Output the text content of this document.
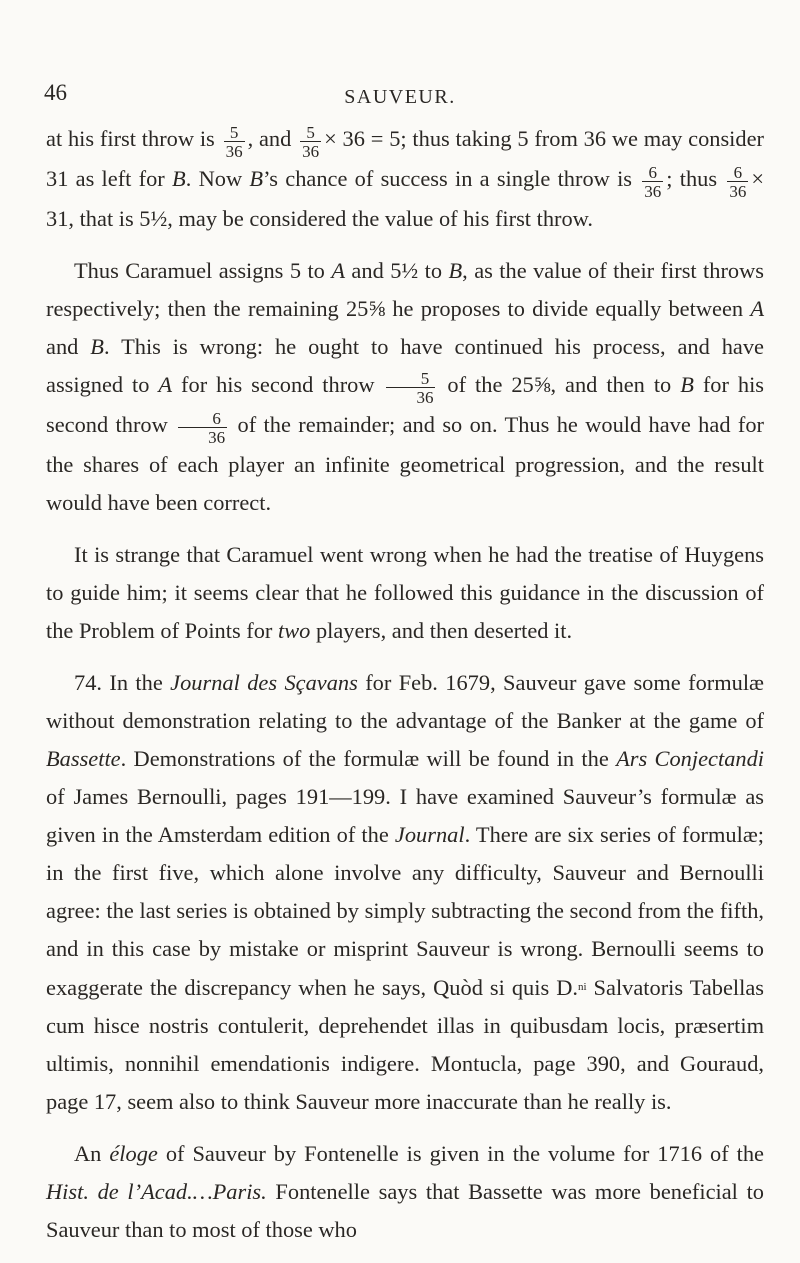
46	SAUVEUR.

at his first throw is $\frac{5}{36}$ , and $\frac{5}{36} \times 36 = 5$; thus taking 5 from 36 we may consider 31 as left for B. Now B’s chance of success in a single throw is $\frac{6}{36}$ ; thus $\frac{6}{36} \times 31$, that is 5½, may be considered the value of his first throw.

Thus Caramuel assigns 5 to A and 5½ to B, as the value of their first throws respectively; then the remaining 25⅝ he proposes to divide equally between A and B. This is wrong: he ought to have continued his process, and have assigned to A for his second throw $\frac{5}{36}$ of the 25⅝, and then to B for his second throw $\frac{6}{36}$ of the remainder; and so on. Thus he would have had for the shares of each player an infinite geometrical progression, and the result would have been correct.

It is strange that Caramuel went wrong when he had the treatise of Huygens to guide him; it seems clear that he followed this guidance in the discussion of the Problem of Points for two players, and then deserted it.

74. In the Journal des Sçavans for Feb. 1679, Sauveur gave some formulæ without demonstration relating to the advantage of the Banker at the game of Bassette. Demonstrations of the formulæ will be found in the Ars Conjectandi of James Bernoulli, pages 191—199. I have examined Sauveur’s formulæ as given in the Amsterdam edition of the Journal. There are six series of formulæ; in the first five, which alone involve any difficulty, Sauveur and Bernoulli agree: the last series is obtained by simply subtracting the second from the fifth, and in this case by mistake or misprint Sauveur is wrong. Bernoulli seems to exaggerate the discrepancy when he says, Quòd si quis D.$^{ni}$ Salvatoris Tabellas cum hisce nostris contulerit, deprehendet illas in quibusdam locis, præsertim ultimis, nonnihil emendationis indigere. Montucla, page 390, and Gouraud, page 17, seem also to think Sauveur more inaccurate than he really is.

An éloge of Sauveur by Fontenelle is given in the volume for 1716 of the Hist. de l’Acad.…Paris. Fontenelle says that Bassette was more beneficial to Sauveur than to most of those who
